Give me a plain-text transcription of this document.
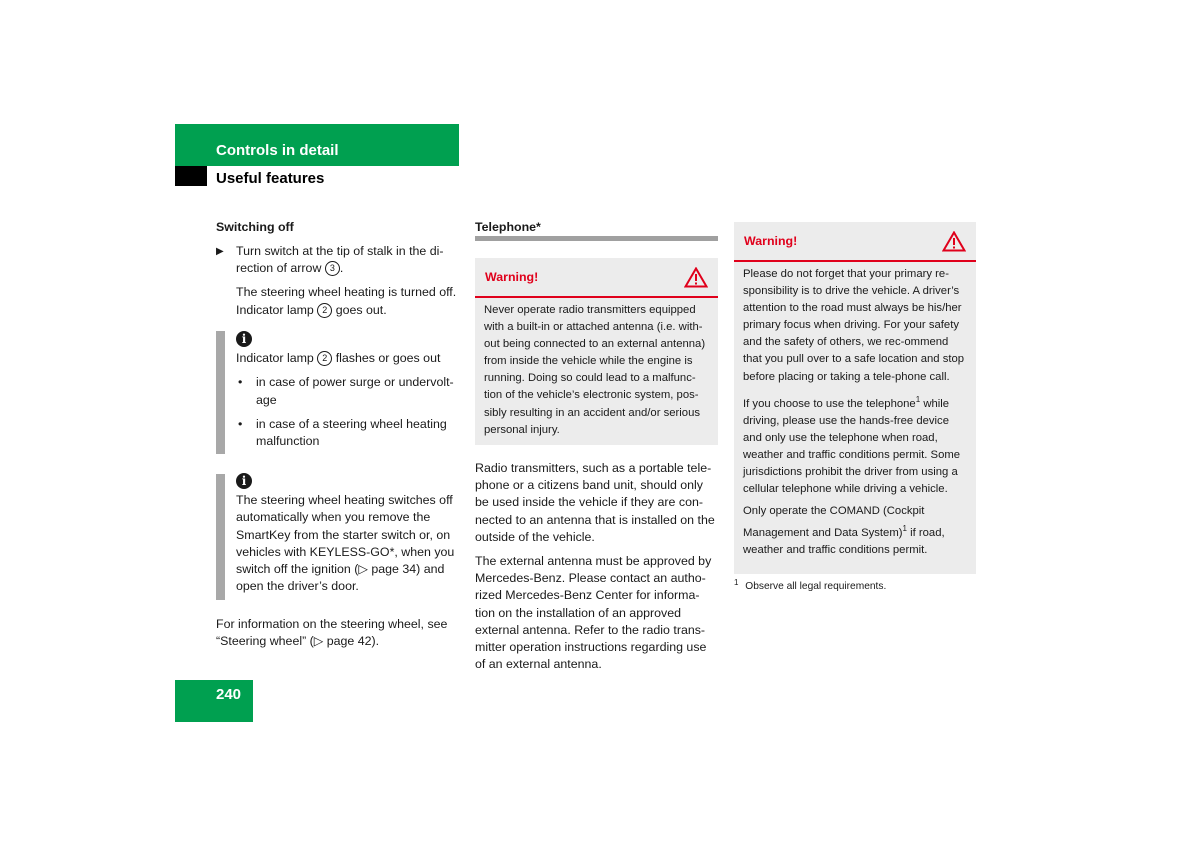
Controls in detail
Useful features
Switching off
▶ Turn switch at the tip of stalk in the di-rection of arrow 3 .
The steering wheel heating is turned off. Indicator lamp 2 goes out.
i

Indicator lamp 2 flashes or goes out

• in case of power surge or undervolt-age
• in case of a steering wheel heating malfunction
i

The steering wheel heating switches off automatically when you remove the SmartKey from the starter switch or, on vehicles with KEYLESS-GO*, when you switch off the ignition (▷ page 34) and open the driver’s door.

For information on the steering wheel, see “Steering wheel” (▷ page 42).
Telephone*
Warning!
Never operate radio transmitters equipped with a built-in or attached antenna (i.e. with-out being connected to an external antenna) from inside the vehicle while the engine is running. Doing so could lead to a malfunc-tion of the vehicle’s electronic system, pos-sibly resulting in an accident and/or serious personal injury.

Radio transmitters, such as a portable tele-phone or a citizens band unit, should only be used inside the vehicle if they are con-nected to an antenna that is installed on the outside of the vehicle.

The external antenna must be approved by Mercedes-Benz. Please contact an autho-rized Mercedes-Benz Center for informa-tion on the installation of an approved external antenna. Refer to the radio trans-mitter operation instructions regarding use of an external antenna.

Warning!

Please do not forget that your primary re-sponsibility is to drive the vehicle. A driver’s attention to the road must always be his/her primary focus when driving. For your safety and the safety of others, we rec-ommend that you pull over to a safe location and stop before placing or taking a tele-phone call.

If you choose to use the telephone$^1$ while driving, please use the hands-free device and only use the telephone when road, weather and traffic conditions permit. Some jurisdictions prohibit the driver from using a cellular telephone while driving a vehicle.

Only operate the COMAND (Cockpit Management and Data System)$^1$ if road, weather and traffic conditions permit.

$^1$ Observe all legal requirements.
240
